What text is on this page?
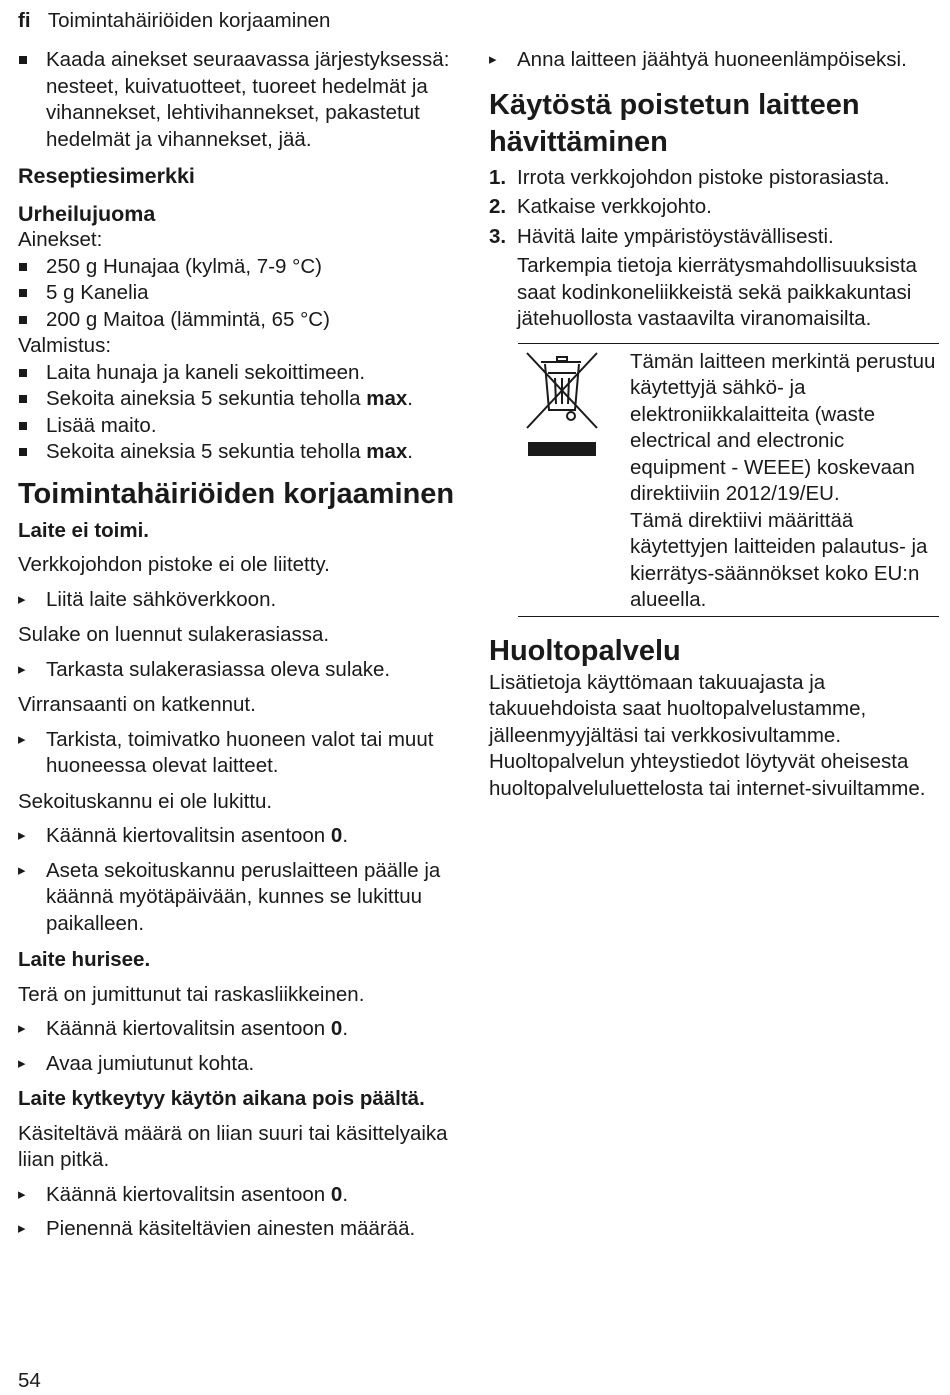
fi Toimintahäiriöiden korjaaminen
Kaada ainekset seuraavassa järjestyksessä: nesteet, kuivatuotteet, tuoreet hedelmät ja vihannekset, lehtivihannekset, pakastetut hedelmät ja vihannekset, jää.

Reseptiesimerkki

Urheilujuoma

Ainekset:

250 g Hunajaa (kylmä, 7-9 °C)
5 g Kanelia
200 g Maitoa (lämmintä, 65 °C)

Valmistus:

Laita hunaja ja kaneli sekoittimeen.
Sekoita aineksia 5 sekuntia teholla max.
Lisää maito.
Sekoita aineksia 5 sekuntia teholla max.

Toimintahäiriöiden korjaaminen

Laite ei toimi.

Verkkojohdon pistoke ei ole liitetty.

▸ Liitä laite sähköverkkoon.

Sulake on luennut sulakerasiassa.

▸ Tarkasta sulakerasiassa oleva sulake.

Virransaanti on katkennut.

▸ Tarkista, toimivatko huoneen valot tai muut huoneessa olevat laitteet.

Sekoituskannu ei ole lukittu.

▸ Käännä kiertovalitsin asentoon 0.
▸ Aseta sekoituskannu peruslaitteen päälle ja käännä myötäpäivään, kunnes se lukittuu paikalleen.

Laite hurisee.

Terä on jumittunut tai raskasliikkeinen.

▸ Käännä kiertovalitsin asentoon 0.
▸ Avaa jumiutunut kohta.

Laite kytkeytyy käytön aikana pois päältä.

Käsiteltävä määrä on liian suuri tai käsittelyaika liian pitkä.

▸ Käännä kiertovalitsin asentoon 0.
▸ Pienennä käsiteltävien ainesten määrää.
▸ Anna laitteen jäähtyä huoneenlämpöiseksi.

Käytöstä poistetun laitteen hävittäminen

1. Irrota verkkojohdon pistoke pistorasiasta.
2. Katkaise verkkojohto.
3. Hävitä laite ympäristöystävällisesti.

Tarkempia tietoja kierrätysmahdollisuuksista saat kodinkoneliikkeistä sekä paikkakuntasi jätehuollosta vastaavilta viranomaisilta.

Tämän laitteen merkintä perustuu käytettyjä sähkö- ja elektroniikkalaitteita (waste electrical and electronic equipment - WEEE) koskevaan direktiiviin 2012/19/EU.

Tämä direktiivi määrittää käytettyjen laitteiden palautus- ja kierrätys-säännökset koko EU:n alueella.

Huoltopalvelu

Lisätietoja käyttömaan takuuajasta ja takuuehdoista saat huoltopalvelustamme, jälleenmyyjältäsi tai verkkosivultamme. Huoltopalvelun yhteystiedot löytyvät oheisesta huoltopalveluluettelosta tai internet-sivuiltamme.

54
